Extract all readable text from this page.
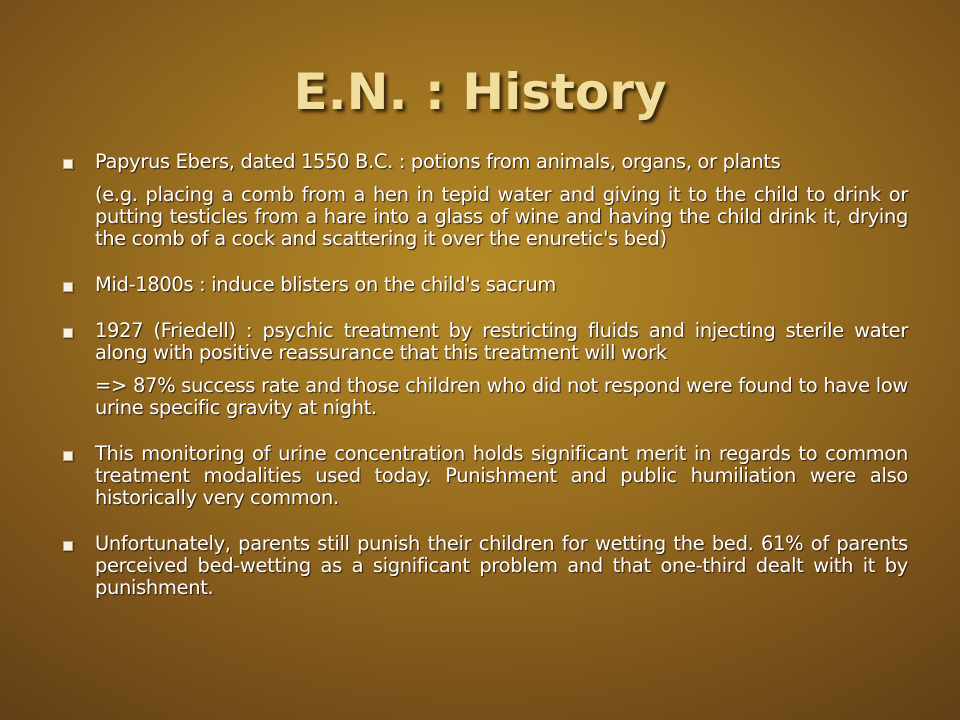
E.N. : History

Papyrus Ebers, dated 1550 B.C. : potions from animals, organs, or plants

(e.g. placing a comb from a hen in tepid water and giving it to the child to drink or putting testicles from a hare into a glass of wine and having the child drink it, drying the comb of a cock and scattering it over the enuretic's bed)

Mid-1800s : induce blisters on the child's sacrum

1927 (Friedell) : psychic treatment by restricting fluids and injecting sterile water along with positive reassurance that this treatment will work

=> 87% success rate and those children who did not respond were found to have low urine specific gravity at night.

This monitoring of urine concentration holds significant merit in regards to common treatment modalities used today. Punishment and public humiliation were also historically very common.

Unfortunately, parents still punish their children for wetting the bed. 61% of parents perceived bed-wetting as a significant problem and that one-third dealt with it by punishment.
